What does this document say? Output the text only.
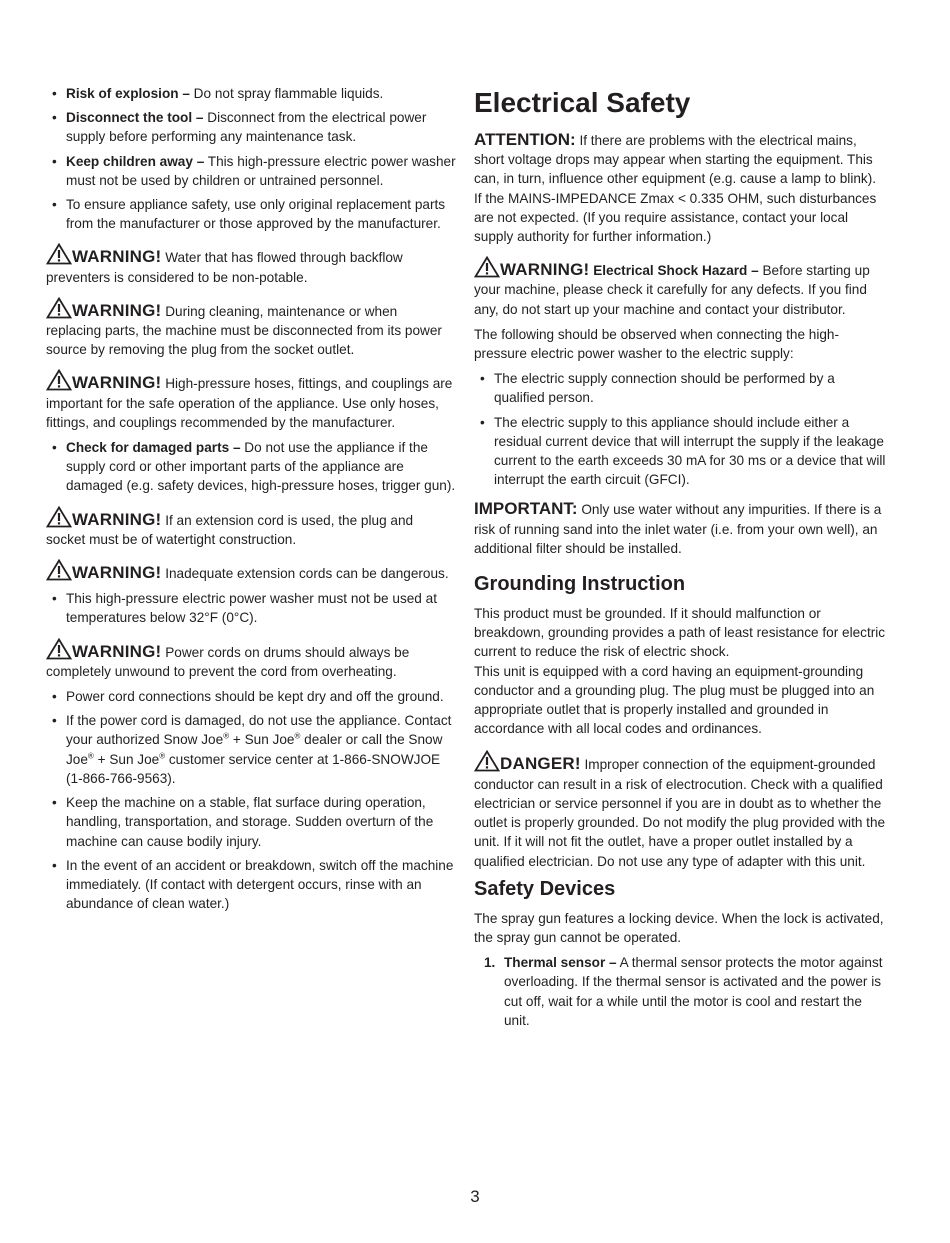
• Risk of explosion – Do not spray flammable liquids.
• Disconnect the tool – Disconnect from the electrical power supply before performing any maintenance task.
• Keep children away – This high-pressure electric power washer must not be used by children or untrained personnel.
• To ensure appliance safety, use only original replacement parts from the manufacturer or those approved by the manufacturer.

WARNING! Water that has flowed through backflow preventers is considered to be non-potable.

WARNING! During cleaning, maintenance or when replacing parts, the machine must be disconnected from its power source by removing the plug from the socket outlet.

WARNING! High-pressure hoses, fittings, and couplings are important for the safe operation of the appliance. Use only hoses, fittings, and couplings recommended by the manufacturer.

• Check for damaged parts – Do not use the appliance if the supply cord or other important parts of the appliance are damaged (e.g. safety devices, high-pressure hoses, trigger gun).

WARNING! If an extension cord is used, the plug and socket must be of watertight construction.

WARNING! Inadequate extension cords can be dangerous.

• This high-pressure electric power washer must not be used at temperatures below 32°F (0°C).

WARNING! Power cords on drums should always be completely unwound to prevent the cord from overheating.

• Power cord connections should be kept dry and off the ground.
• If the power cord is damaged, do not use the appliance. Contact your authorized Snow Joe® + Sun Joe® dealer or call the Snow Joe® + Sun Joe® customer service center at 1-866-SNOWJOE (1-866-766-9563).
• Keep the machine on a stable, flat surface during operation, handling, transportation, and storage. Sudden overturn of the machine can cause bodily injury.
• In the event of an accident or breakdown, switch off the machine immediately. (If contact with detergent occurs, rinse with an abundance of clean water.)
Electrical Safety

ATTENTION: If there are problems with the electrical mains, short voltage drops may appear when starting the equipment. This can, in turn, influence other equipment (e.g. cause a lamp to blink). If the MAINS-IMPEDANCE Zmax < 0.335 OHM, such disturbances are not expected. (If you require assistance, contact your local supply authority for further information.)

WARNING! Electrical Shock Hazard – Before starting up your machine, please check it carefully for any defects. If you find any, do not start up your machine and contact your distributor.

The following should be observed when connecting the high-pressure electric power washer to the electric supply:

• The electric supply connection should be performed by a qualified person.
• The electric supply to this appliance should include either a residual current device that will interrupt the supply if the leakage current to the earth exceeds 30 mA for 30 ms or a device that will interrupt the earth circuit (GFCI).

IMPORTANT: Only use water without any impurities. If there is a risk of running sand into the inlet water (i.e. from your own well), an additional filter should be installed.

Grounding Instruction

This product must be grounded. If it should malfunction or breakdown, grounding provides a path of least resistance for electric current to reduce the risk of electric shock.

This unit is equipped with a cord having an equipment-grounding conductor and a grounding plug. The plug must be plugged into an appropriate outlet that is properly installed and grounded in accordance with all local codes and ordinances.

DANGER! Improper connection of the equipment-grounded conductor can result in a risk of electrocution. Check with a qualified electrician or service personnel if you are in doubt as to whether the outlet is properly grounded. Do not modify the plug provided with the unit. If it will not fit the outlet, have a proper outlet installed by a qualified electrician. Do not use any type of adapter with this unit.

Safety Devices

The spray gun features a locking device. When the lock is activated, the spray gun cannot be operated.

1. Thermal sensor – A thermal sensor protects the motor against overloading. If the thermal sensor is activated and the power is cut off, wait for a while until the motor is cool and restart the unit.
3
